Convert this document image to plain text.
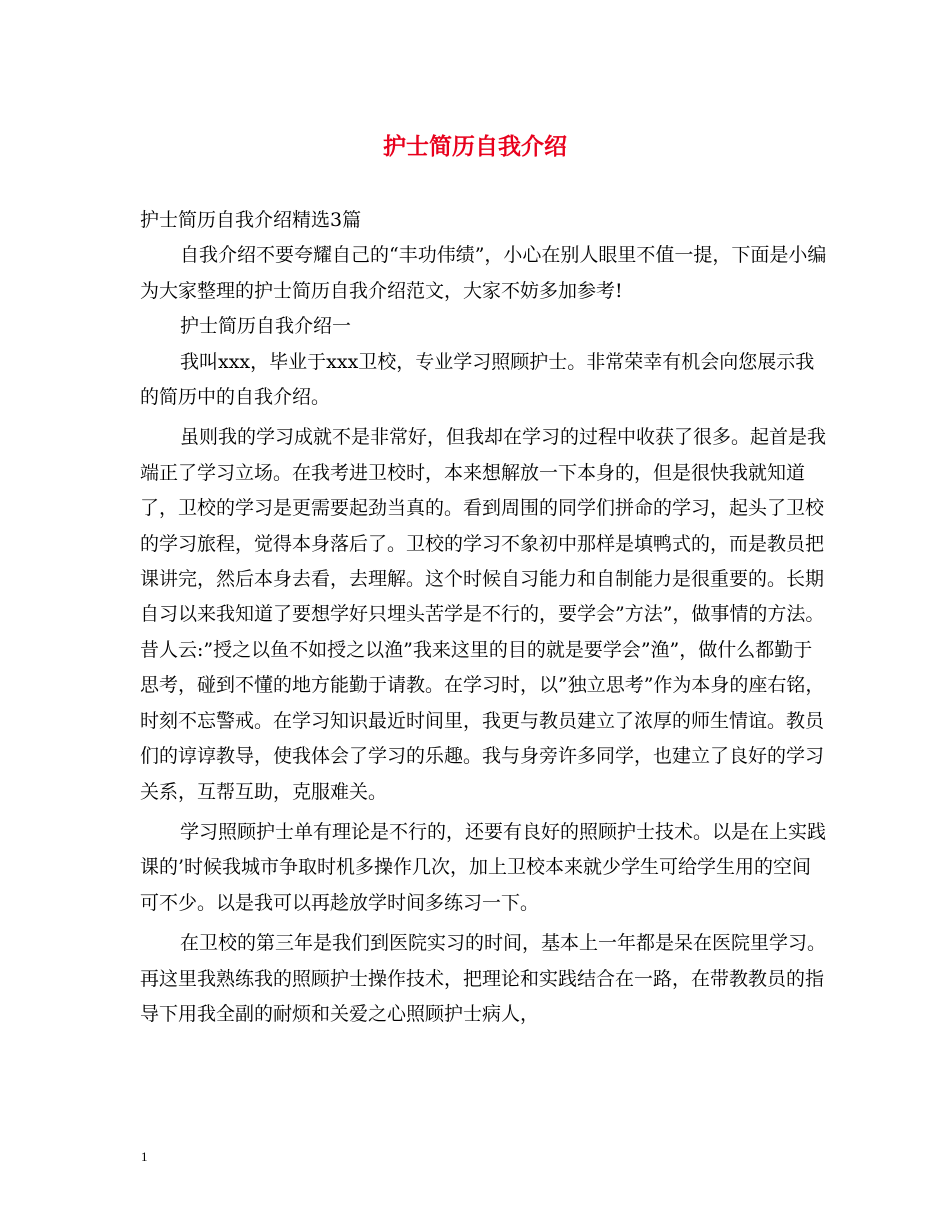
护士简历自我介绍

护士简历自我介绍精选3篇

自我介绍不要夸耀自己的“丰功伟绩”，小心在别人眼里不值一提，下面是小编为大家整理的护士简历自我介绍范文，大家不妨多加参考!

护士简历自我介绍一

我叫xxx，毕业于xxx卫校，专业学习照顾护士。非常荣幸有机会向您展示我的简历中的自我介绍。

虽则我的学习成就不是非常好，但我却在学习的过程中收获了很多。起首是我端正了学习立场。在我考进卫校时，本来想解放一下本身的，但是很快我就知道了，卫校的学习是更需要起劲当真的。看到周围的同学们拼命的学习，起头了卫校的学习旅程，觉得本身落后了。卫校的学习不象初中那样是填鸭式的，而是教员把课讲完，然后本身去看，去理解。这个时候自习能力和自制能力是很重要的。长期自习以来我知道了要想学好只埋头苦学是不行的，要学会”方法”，做事情的方法。昔人云:”授之以鱼不如授之以渔”我来这里的目的就是要学会”渔”，做什么都勤于思考，碰到不懂的地方能勤于请教。在学习时，以”独立思考”作为本身的座右铭，时刻不忘警戒。在学习知识最近时间里，我更与教员建立了浓厚的师生情谊。教员们的谆谆教导，使我体会了学习的乐趣。我与身旁许多同学，也建立了良好的学习关系，互帮互助，克服难关。

学习照顾护士单有理论是不行的，还要有良好的照顾护士技术。以是在上实践课的’时候我城市争取时机多操作几次，加上卫校本来就少学生可给学生用的空间可不少。以是我可以再趁放学时间多练习一下。

在卫校的第三年是我们到医院实习的时间，基本上一年都是呆在医院里学习。再这里我熟练我的照顾护士操作技术，把理论和实践结合在一路，在带教教员的指导下用我全副的耐烦和关爱之心照顾护士病人，

1
